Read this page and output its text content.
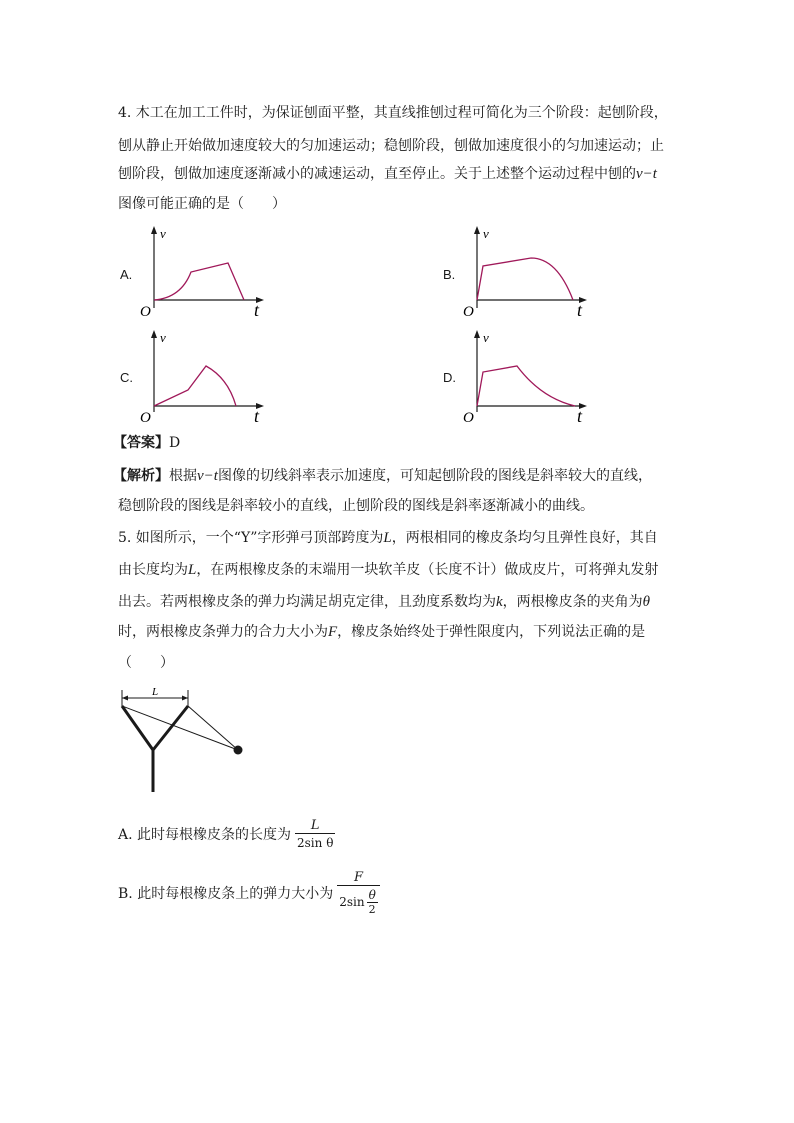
4. 木工在加工工件时，为保证刨面平整，其直线推刨过程可简化为三个阶段：起刨阶段，
刨从静止开始做加速度较大的匀加速运动；稳刨阶段，刨做加速度很小的匀加速运动；止
刨阶段，刨做加速度逐渐减小的减速运动，直至停止。关于上述整个运动过程中刨的v−t
图像可能正确的是（　　）
A.
v
t
O
B.
v
t
O
C.
v
t
O
D.
v
t
O
【答案】D
【解析】根据v−t图像的切线斜率表示加速度，可知起刨阶段的图线是斜率较大的直线，
稳刨阶段的图线是斜率较小的直线，止刨阶段的图线是斜率逐渐减小的曲线。
5. 如图所示，一个“Y”字形弹弓顶部跨度为L，两根相同的橡皮条均匀且弹性良好，其自
由长度均为L，在两根橡皮条的末端用一块软羊皮（长度不计）做成皮片，可将弹丸发射
出去。若两根橡皮条的弹力均满足胡克定律，且劲度系数均为k，两根橡皮条的夹角为θ
时，两根橡皮条弹力的合力大小为F，橡皮条始终处于弹性限度内，下列说法正确的是
（　　）
L
A. 此时每根橡皮条的长度为 $\frac{L}{\text{2sin θ}}$
B. 此时每根橡皮条上的弹力大小为 $\frac{F}{2\sin \frac{\theta}{2}}$
